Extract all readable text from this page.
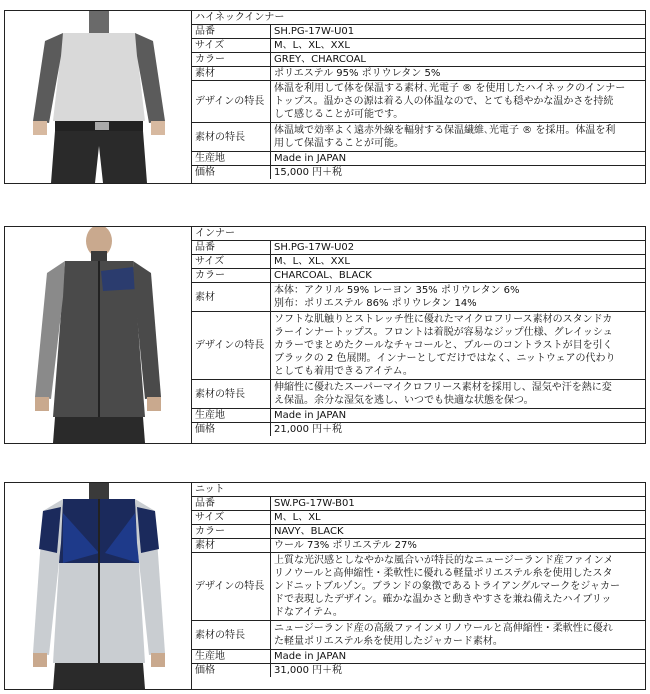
ハイネックインナー
品番	SH.PG-17W-U01
サイズ	M、L、XL、XXL
カラー	GREY、CHARCOAL
素材	ポリエステル 95% ポリウレタン 5%

デザインの特長	体温を利用して体を保温する素材､光電子 ® を使用したハイネックのインナー
トップス。温かさの源は着る人の体温なので、とても穏やかな温かさを持続
して感じることが可能です。

素材の特長	体温域で効率よく遠赤外線を輻射する保温繊維､光電子 ® を採用。体温を利
用して保温することが可能。

生産地	Made in JAPAN
価格	15,000 円＋税
インナー
品番	SH.PG-17W-U02
サイズ	M、L、XL、XXL
カラー	CHARCOAL、BLACK
素材	本体：アクリル 59% レーヨン 35% ポリウレタン 6%
別布：ポリエステル 86% ポリウレタン 14%

デザインの特長	ソフトな肌触りとストレッチ性に優れたマイクロフリース素材のスタンドカ
ラーインナートップス。フロントは着脱が容易なジップ仕様、グレイッシュ
カラーでまとめたクールなチャコールと、ブルーのコントラストが目を引く
ブラックの 2 色展開。インナーとしてだけではなく、ニットウェアの代わり
としても着用できるアイテム。

素材の特長	伸縮性に優れたスーパーマイクロフリース素材を採用し、湿気や汗を熱に変
え保温。余分な湿気を逃し、いつでも快適な状態を保つ。

生産地	Made in JAPAN
価格	21,000 円＋税
ニット
品番	SW.PG-17W-B01
サイズ	M、L、XL
カラー	NAVY、BLACK
素材	ウール 73% ポリエステル 27%

デザインの特長	上質な光沢感としなやかな風合いが特長的なニュージーランド産ファインメ
リノウールと高伸縮性・柔軟性に優れる軽量ポリエステル糸を使用したスタ
ンドニットブルゾン。ブランドの象徴であるトライアングルマークをジャカー
ドで表現したデザイン。確かな温かさと動きやすさを兼ね備えたハイブリッ
ドなアイテム。

素材の特長	ニュージーランド産の高級ファインメリノウールと高伸縮性・柔軟性に優れ
た軽量ポリエステル糸を使用したジャカード素材。

生産地	Made in JAPAN
価格	31,000 円＋税
